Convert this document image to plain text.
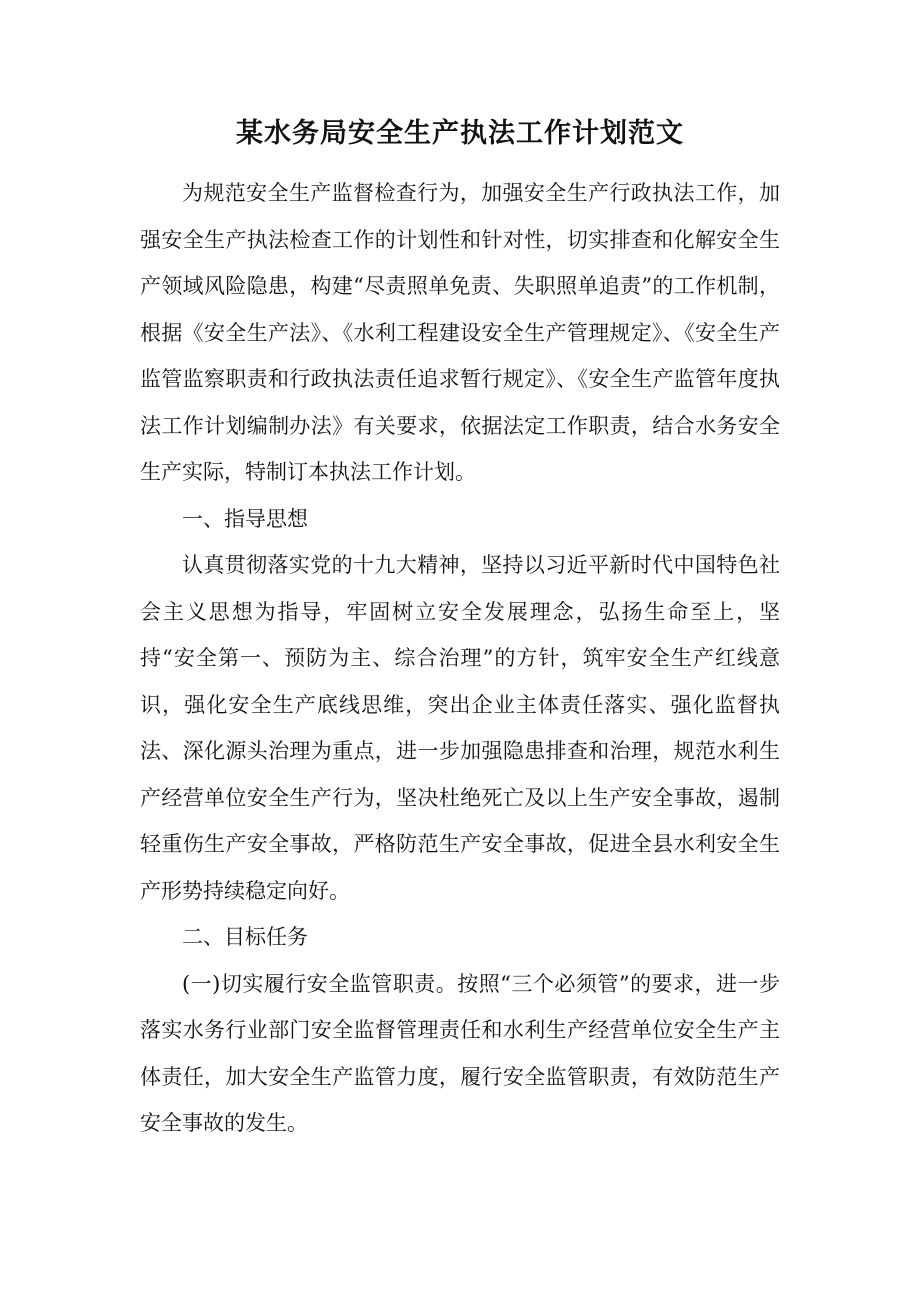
某水务局安全生产执法工作计划范文

为规范安全生产监督检查行为，加强安全生产行政执法工作，加强安全生产执法检查工作的计划性和针对性，切实排查和化解安全生产领域风险隐患，构建“尽责照单免责、失职照单追责”的工作机制，根据《安全生产法》、《水利工程建设安全生产管理规定》、《安全生产监管监察职责和行政执法责任追求暂行规定》、《安全生产监管年度执法工作计划编制办法》有关要求，依据法定工作职责，结合水务安全生产实际，特制订本执法工作计划。

一、指导思想

认真贯彻落实党的十九大精神，坚持以习近平新时代中国特色社会主义思想为指导，牢固树立安全发展理念，弘扬生命至上，坚持“安全第一、预防为主、综合治理”的方针，筑牢安全生产红线意识，强化安全生产底线思维，突出企业主体责任落实、强化监督执法、深化源头治理为重点，进一步加强隐患排查和治理，规范水利生产经营单位安全生产行为，坚决杜绝死亡及以上生产安全事故，遏制轻重伤生产安全事故，严格防范生产安全事故，促进全县水利安全生产形势持续稳定向好。

二、目标任务

(一)切实履行安全监管职责。按照“三个必须管”的要求，进一步落实水务行业部门安全监督管理责任和水利生产经营单位安全生产主体责任，加大安全生产监管力度，履行安全监管职责，有效防范生产安全事故的发生。
